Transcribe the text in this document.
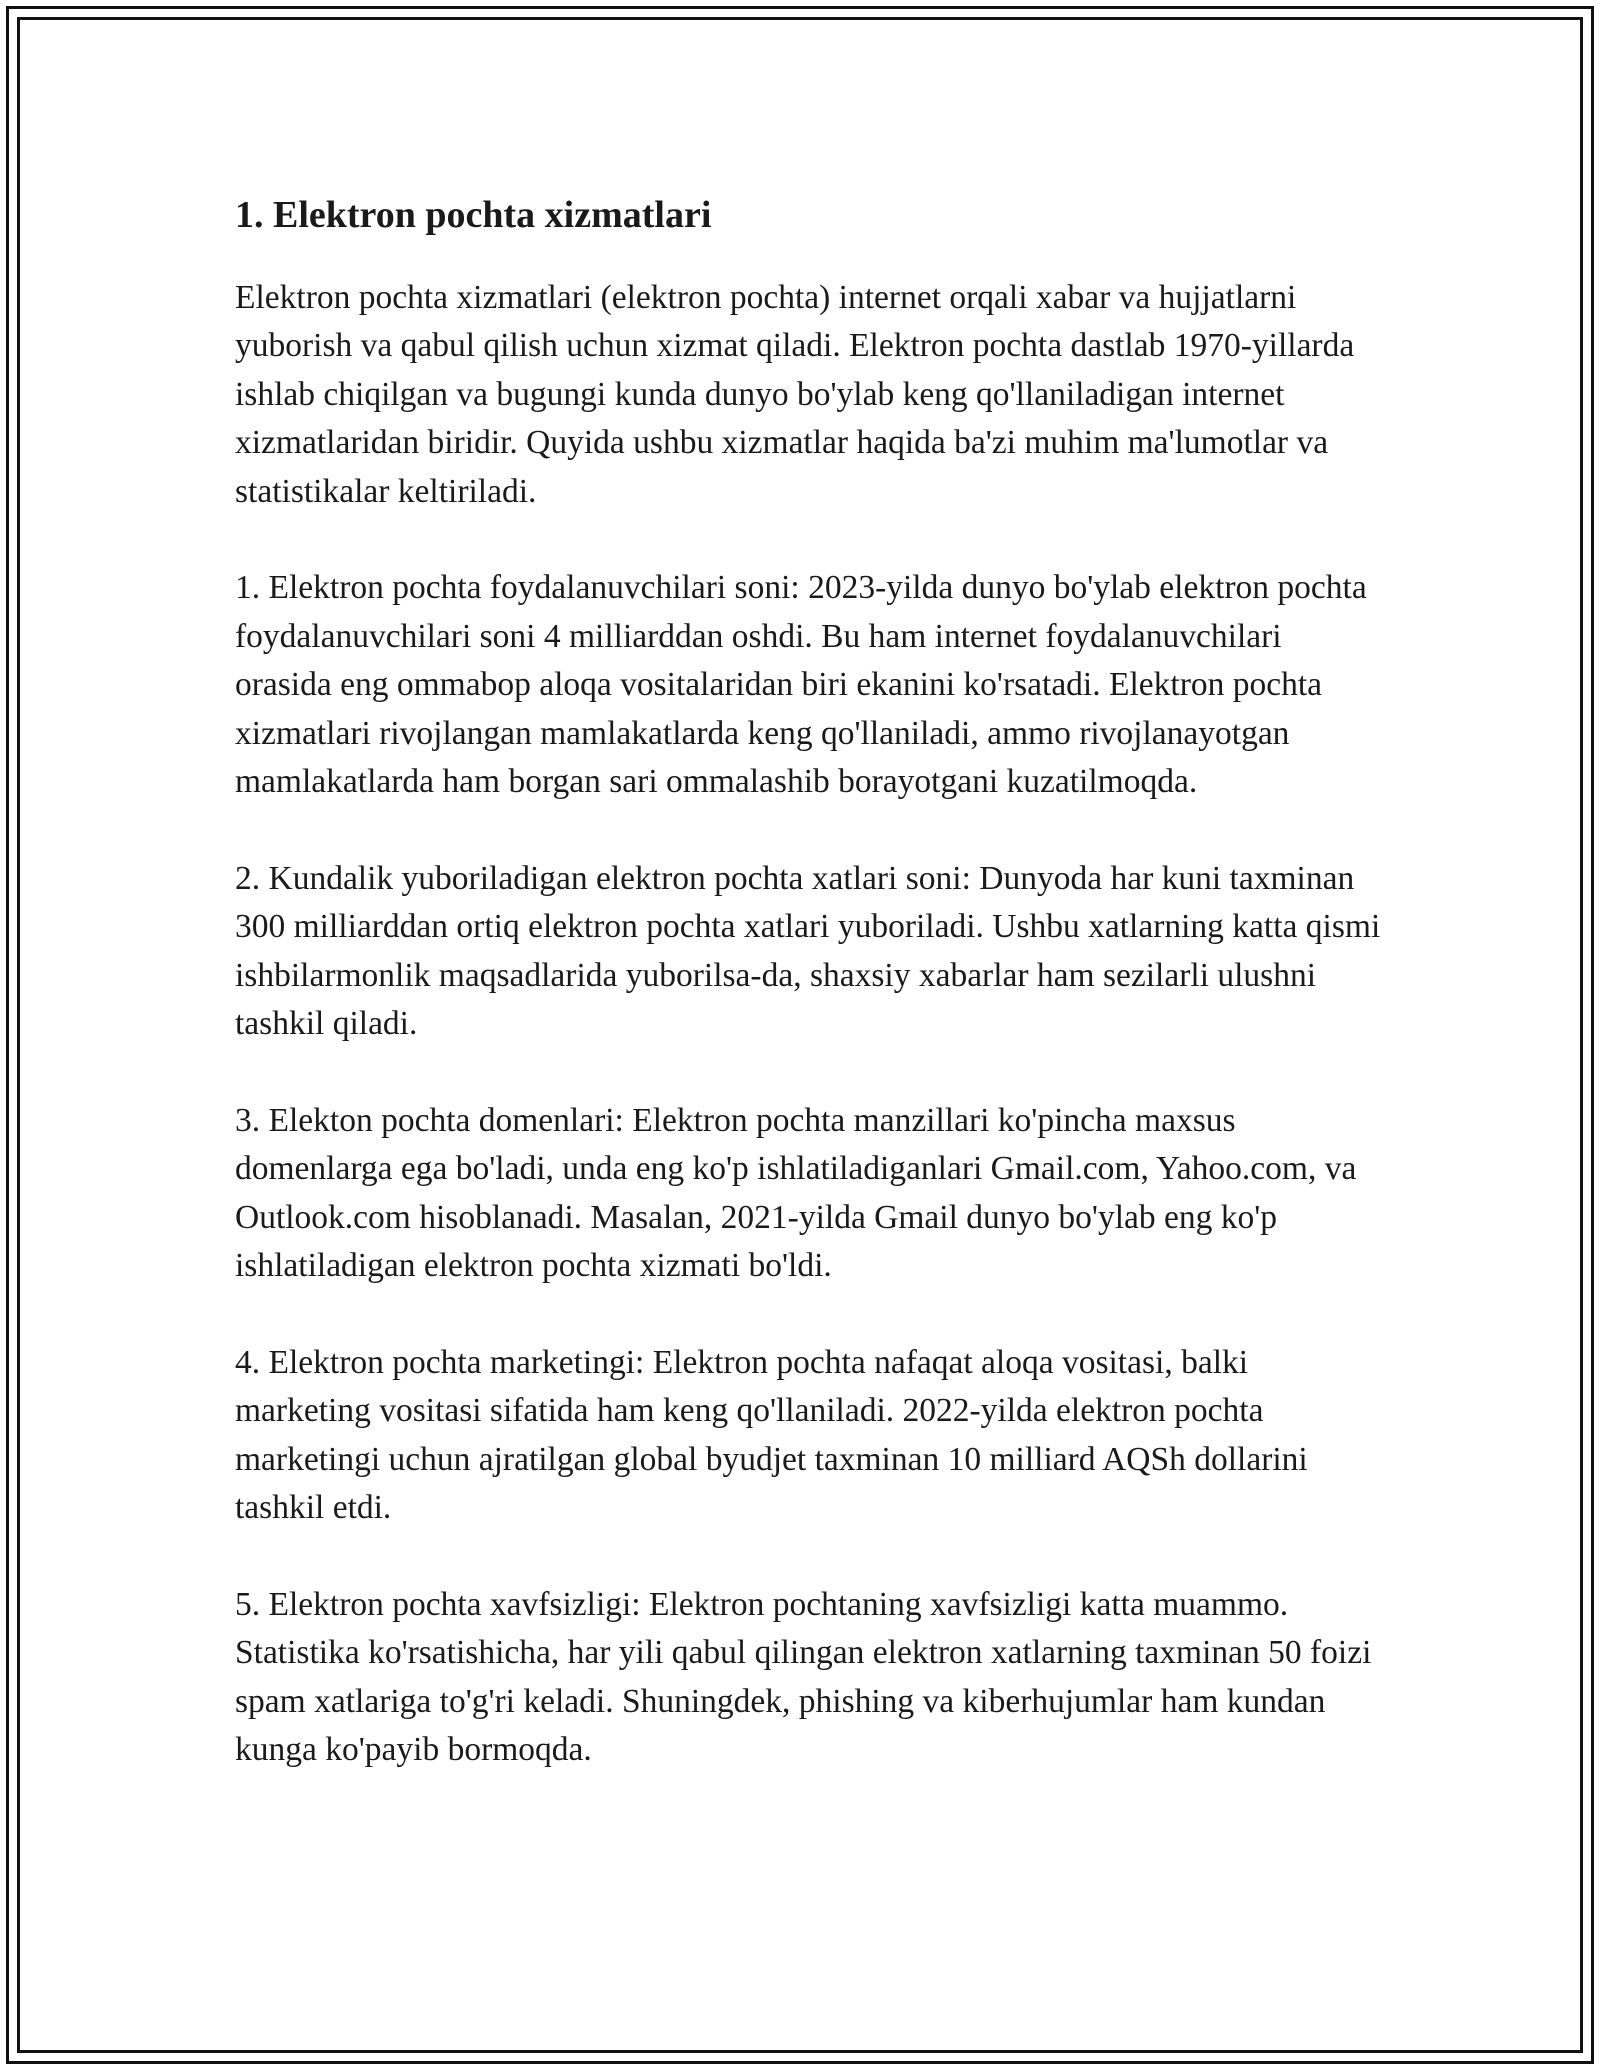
1. Elektron pochta xizmatlari

Elektron pochta xizmatlari (elektron pochta) internet orqali xabar va hujjatlarni yuborish va qabul qilish uchun xizmat qiladi. Elektron pochta dastlab 1970-yillarda ishlab chiqilgan va bugungi kunda dunyo bo'ylab keng qo'llaniladigan internet xizmatlaridan biridir. Quyida ushbu xizmatlar haqida ba'zi muhim ma'lumotlar va statistikalar keltiriladi.

1. Elektron pochta foydalanuvchilari soni: 2023-yilda dunyo bo'ylab elektron pochta foydalanuvchilari soni 4 milliarddan oshdi. Bu ham internet foydalanuvchilari orasida eng ommabop aloqa vositalaridan biri ekanini ko'rsatadi. Elektron pochta xizmatlari rivojlangan mamlakatlarda keng qo'llaniladi, ammo rivojlanayotgan mamlakatlarda ham borgan sari ommalashib borayotgani kuzatilmoqda.

2. Kundalik yuboriladigan elektron pochta xatlari soni: Dunyoda har kuni taxminan 300 milliarddan ortiq elektron pochta xatlari yuboriladi. Ushbu xatlarning katta qismi ishbilarmonlik maqsadlarida yuborilsa-da, shaxsiy xabarlar ham sezilarli ulushni tashkil qiladi.

3. Elekton pochta domenlari: Elektron pochta manzillari ko'pincha maxsus domenlarga ega bo'ladi, unda eng ko'p ishlatiladiganlari Gmail.com, Yahoo.com, va Outlook.com hisoblanadi. Masalan, 2021-yilda Gmail dunyo bo'ylab eng ko'p ishlatiladigan elektron pochta xizmati bo'ldi.

4. Elektron pochta marketingi: Elektron pochta nafaqat aloqa vositasi, balki marketing vositasi sifatida ham keng qo'llaniladi. 2022-yilda elektron pochta marketingi uchun ajratilgan global byudjet taxminan 10 milliard AQSh dollarini tashkil etdi.

5. Elektron pochta xavfsizligi: Elektron pochtaning xavfsizligi katta muammo. Statistika ko'rsatishicha, har yili qabul qilingan elektron xatlarning taxminan 50 foizi spam xatlariga to'g'ri keladi. Shuningdek, phishing va kiberhujumlar ham kundan kunga ko'payib bormoqda.
